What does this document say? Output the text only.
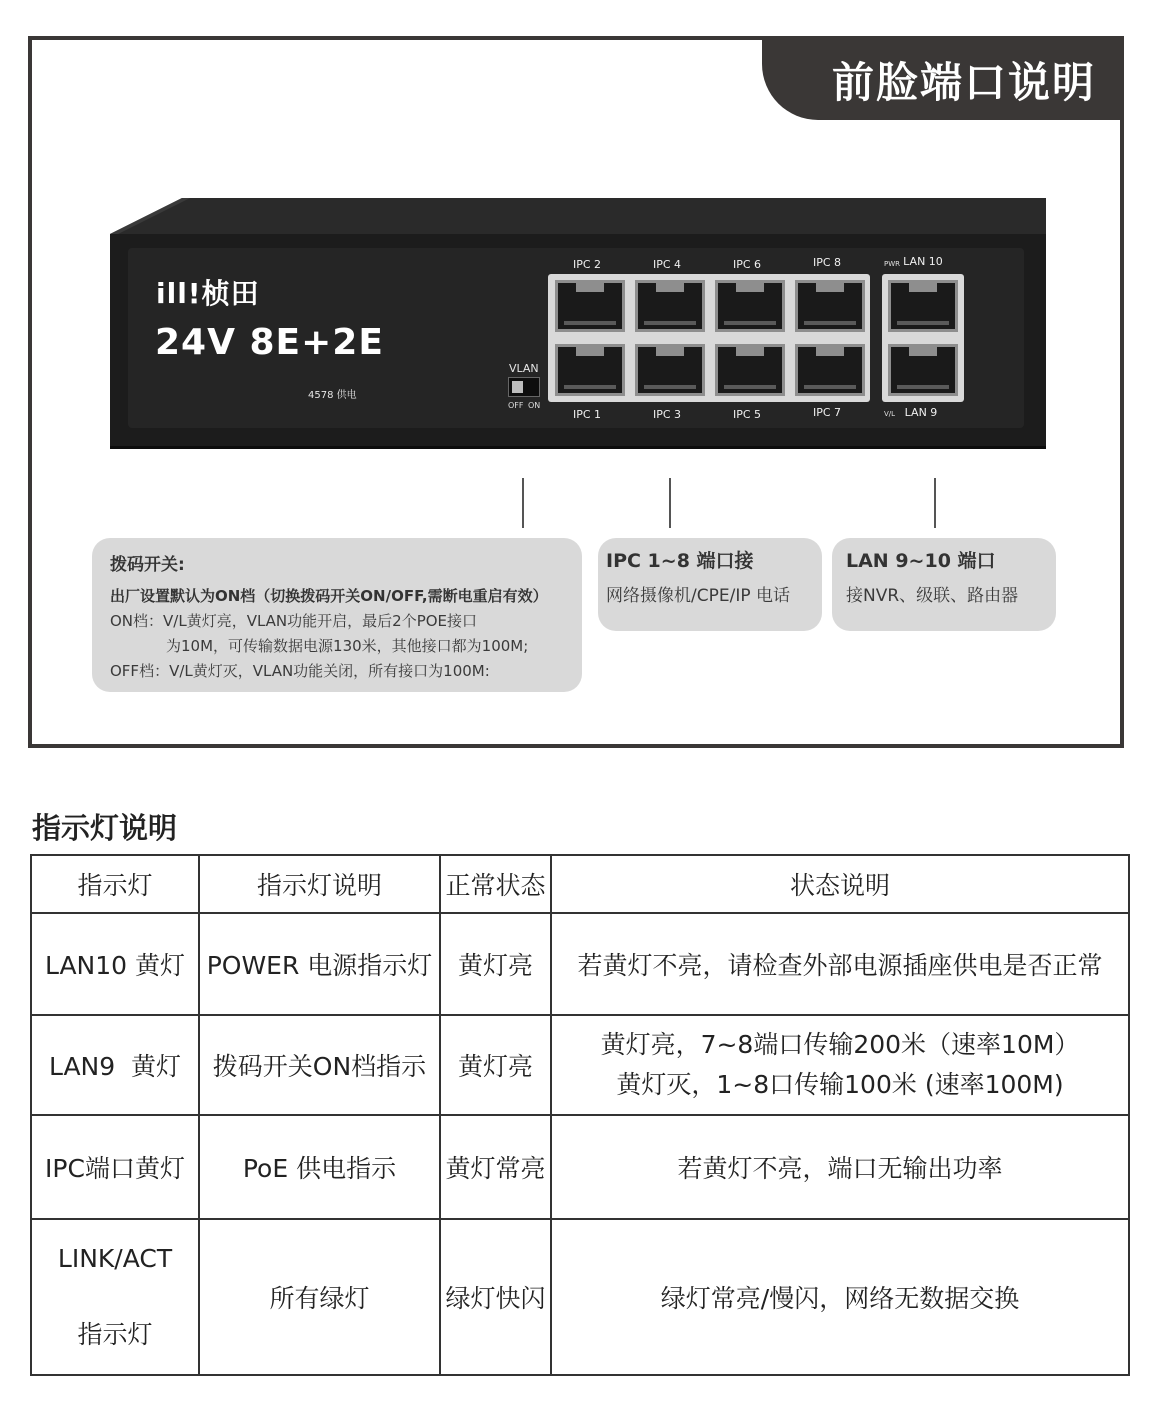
前脸端口说明
ill!桢田
24V 8E+2E
4578 供电
VLAN
OFF ON
IPC 2	IPC 4	IPC 6	IPC 8	PWR LAN 10
IPC 1	IPC 3	IPC 5	IPC 7	V/L LAN 9
拨码开关:
出厂设置默认为ON档（切换拨码开关ON/OFF,需断电重启有效）
ON档：V/L黄灯亮，VLAN功能开启，最后2个POE接口
为10M，可传输数据电源130米，其他接口都为100M;
OFF档：V/L黄灯灭，VLAN功能关闭，所有接口为100M:
IPC 1~8 端口接
网络摄像机/CPE/IP 电话
LAN 9~10 端口
接NVR、级联、路由器
指示灯说明
指示灯	指示灯说明	正常状态	状态说明
LAN10 黄灯	POWER 电源指示灯	黄灯亮	若黄灯不亮，请检查外部电源插座供电是否正常
LAN9  黄灯	拨码开关ON档指示	黄灯亮	黄灯亮，7~8端口传输200米（速率10M）
黄灯灭，1~8口传输100米 (速率100M)

IPC端口黄灯	PoE 供电指示	黄灯常亮	若黄灯不亮，端口无输出功率

LINK/ACT
指示灯	所有绿灯	绿灯快闪	绿灯常亮/慢闪，网络无数据交换
